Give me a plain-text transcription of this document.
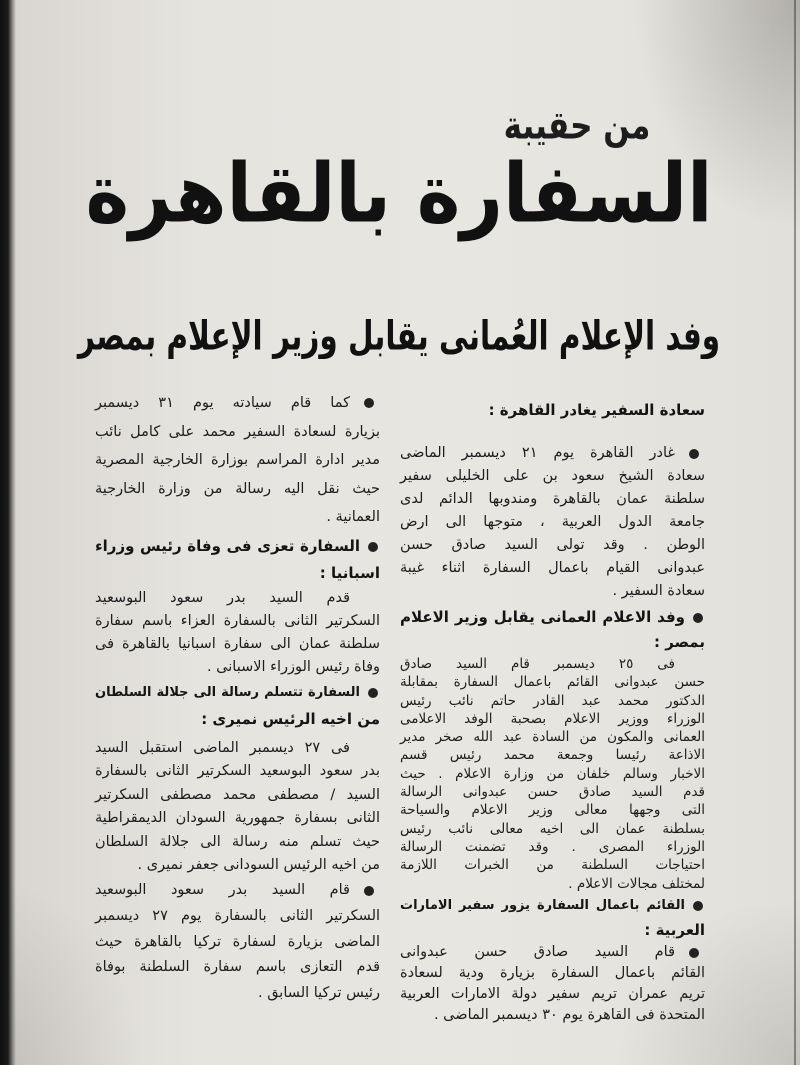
من حقيبة
السفارة بالقاهرة
وفد الإعلام العُمانى يقابل وزير الإعلام بمصر
سعادة السفير يغادر القاهرة :
غادر القاهرة يوم ٢١ ديسمبر الماضى
سعادة الشيخ سعود بن على الخليلى سفير
سلطنة عمان بالقاهرة ومندوبها الدائم لدى
جامعة الدول العربية ، متوجها الى ارض
الوطن . وقد تولى السيد صادق حسن
عبدوانى القيام باعمال السفارة اثناء غيبة
سعادة السفير .
وفد الاعلام العمانى يقابل وزير الاعلام
بمصر :
فى ٢٥ ديسمبر قام السيد صادق
حسن عبدوانى القائم باعمال السفارة بمقابلة
الدكتور محمد عبد القادر حاتم نائب رئيس
الوزراء ووزير الاعلام بصحبة الوفد الاعلامى
العمانى والمكون من السادة عبد الله صخر مدير
الاذاعة رئيسا وجمعة محمد رئيس قسم
الاخبار وسالم خلفان من وزارة الاعلام . حيث
قدم السيد صادق حسن عبدوانى الرسالة
التى وجهها معالى وزير الاعلام والسياحة
بسلطنة عمان الى اخيه معالى نائب رئيس
الوزراء المصرى . وقد تضمنت الرسالة
احتياجات السلطنة من الخبرات اللازمة
لمختلف مجالات الاعلام .
القائم باعمال السفارة يزور سفير الامارات
العربية :
قام السيد صادق حسن عبدوانى
القائم باعمال السفارة بزيارة ودية لسعادة
تريم عمران تريم سفير دولة الامارات العربية
المتحدة فى القاهرة يوم ٣٠ ديسمبر الماضى .
كما قام سيادته يوم ٣١ ديسمبر
بزيارة لسعادة السفير محمد على كامل نائب
مدير ادارة المراسم بوزارة الخارجية المصرية
حيث نقل اليه رسالة من وزارة الخارجية
العمانية .
السفارة تعزى فى وفاة رئيس وزراء
اسبانيا :
قدم السيد بدر سعود البوسعيد
السكرتير الثانى بالسفارة العزاء باسم سفارة
سلطنة عمان الى سفارة اسبانيا بالقاهرة فى
وفاة رئيس الوزراء الاسبانى .
السفارة تتسلم رسالة الى جلالة السلطان
من اخيه الرئيس نميرى :
فى ٢٧ ديسمبر الماضى استقبل السيد
بدر سعود البوسعيد السكرتير الثانى بالسفارة
السيد / مصطفى محمد مصطفى السكرتير
الثانى بسفارة جمهورية السودان الديمقراطية
حيث تسلم منه رسالة الى جلالة السلطان
من اخيه الرئيس السودانى جعفر نميرى .
قام السيد بدر سعود البوسعيد
السكرتير الثانى بالسفارة يوم ٢٧ ديسمبر
الماضى بزيارة لسفارة تركيا بالقاهرة حيث
قدم التعازى باسم سفارة السلطنة بوفاة
رئيس تركيا السابق .
